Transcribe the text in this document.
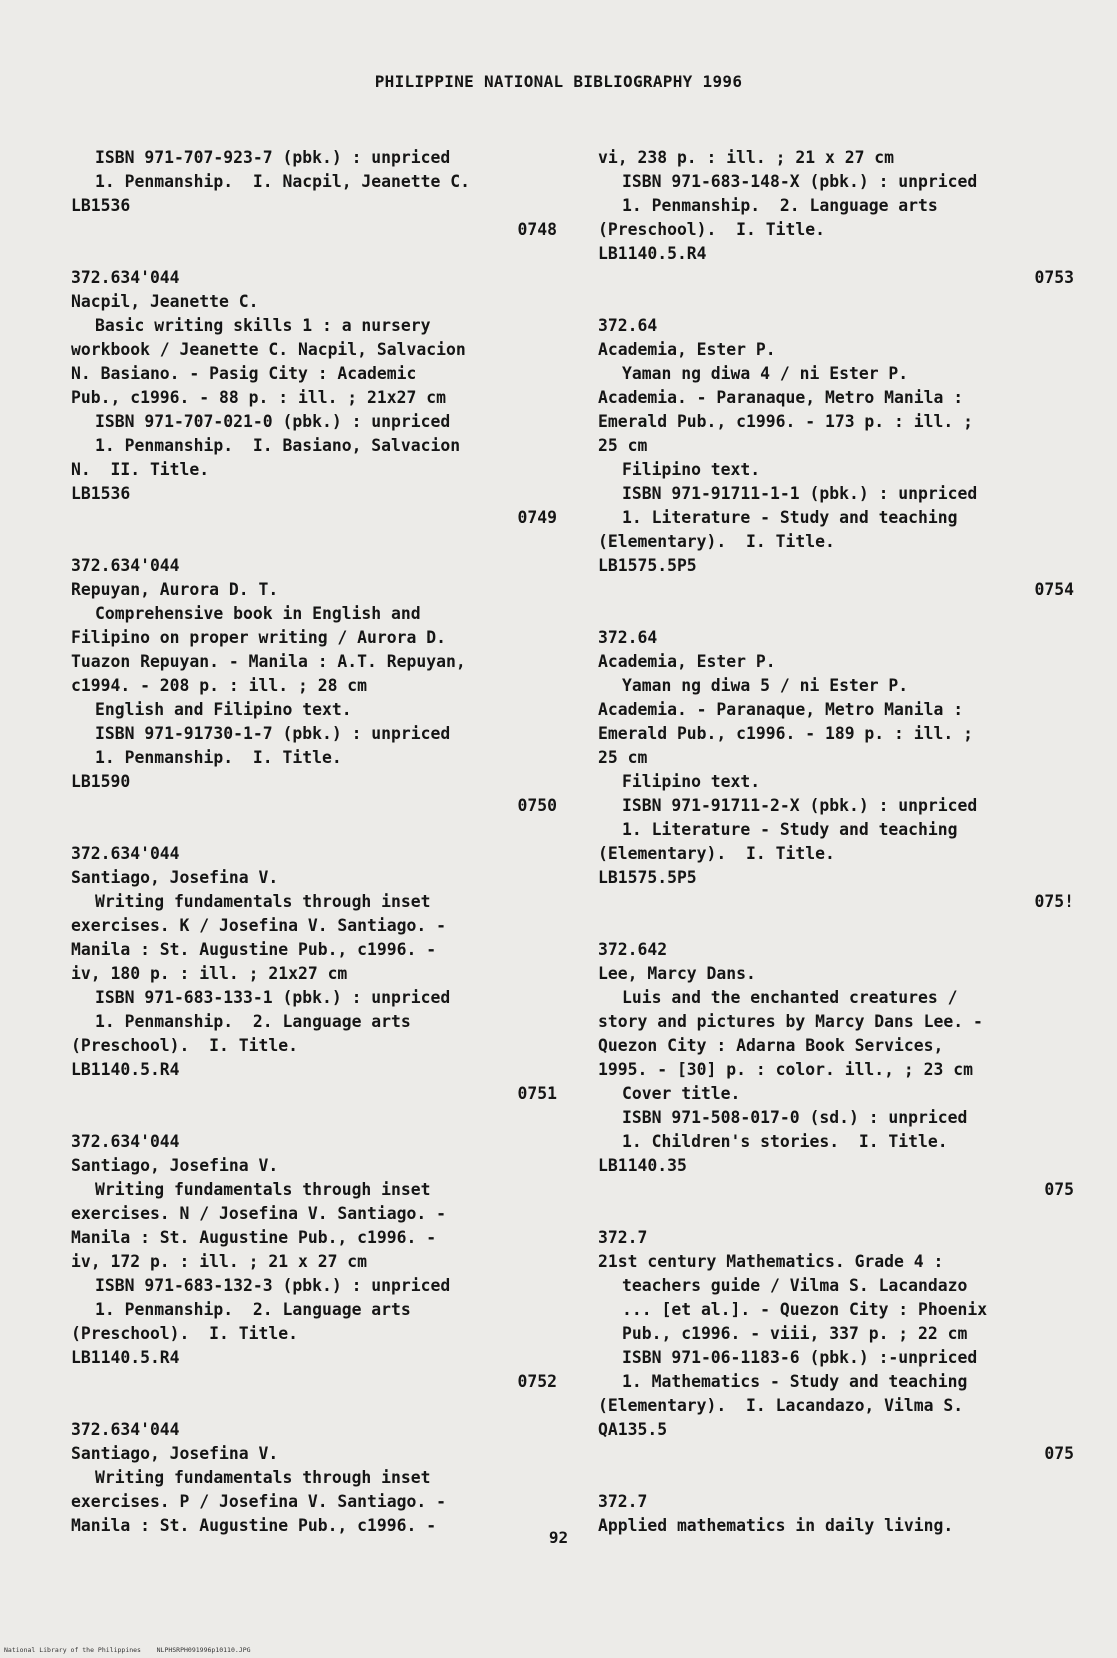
PHILIPPINE NATIONAL BIBLIOGRAPHY 1996
ISBN 971-707-923-7 (pbk.) : unpriced
1. Penmanship.  I. Nacpil, Jeanette C.
LB1536
0748
372.634'044
Nacpil, Jeanette C.
Basic writing skills 1 : a nursery
workbook / Jeanette C. Nacpil, Salvacion
N. Basiano. - Pasig City : Academic
Pub., c1996. - 88 p. : ill. ; 21x27 cm
ISBN 971-707-021-0 (pbk.) : unpriced
1. Penmanship.  I. Basiano, Salvacion
N.  II. Title.
LB1536
0749
372.634'044
Repuyan, Aurora D. T.
Comprehensive book in English and
Filipino on proper writing / Aurora D.
Tuazon Repuyan. - Manila : A.T. Repuyan,
c1994. - 208 p. : ill. ; 28 cm
English and Filipino text.
ISBN 971-91730-1-7 (pbk.) : unpriced
1. Penmanship.  I. Title.
LB1590
0750
372.634'044
Santiago, Josefina V.
Writing fundamentals through inset
exercises. K / Josefina V. Santiago. -
Manila : St. Augustine Pub., c1996. -
iv, 180 p. : ill. ; 21x27 cm
ISBN 971-683-133-1 (pbk.) : unpriced
1. Penmanship.  2. Language arts
(Preschool).  I. Title.
LB1140.5.R4
0751
372.634'044
Santiago, Josefina V.
Writing fundamentals through inset
exercises. N / Josefina V. Santiago. -
Manila : St. Augustine Pub., c1996. -
iv, 172 p. : ill. ; 21 x 27 cm
ISBN 971-683-132-3 (pbk.) : unpriced
1. Penmanship.  2. Language arts
(Preschool).  I. Title.
LB1140.5.R4
0752
372.634'044
Santiago, Josefina V.
Writing fundamentals through inset
exercises. P / Josefina V. Santiago. -
Manila : St. Augustine Pub., c1996. -
vi, 238 p. : ill. ; 21 x 27 cm
ISBN 971-683-148-X (pbk.) : unpriced
1. Penmanship.  2. Language arts
(Preschool).  I. Title.
LB1140.5.R4
0753
372.64
Academia, Ester P.
Yaman ng diwa 4 / ni Ester P.
Academia. - Paranaque, Metro Manila :
Emerald Pub., c1996. - 173 p. : ill. ;
25 cm
Filipino text.
ISBN 971-91711-1-1 (pbk.) : unpriced
1. Literature - Study and teaching
(Elementary).  I. Title.
LB1575.5P5
0754
372.64
Academia, Ester P.
Yaman ng diwa 5 / ni Ester P.
Academia. - Paranaque, Metro Manila :
Emerald Pub., c1996. - 189 p. : ill. ;
25 cm
Filipino text.
ISBN 971-91711-2-X (pbk.) : unpriced
1. Literature - Study and teaching
(Elementary).  I. Title.
LB1575.5P5
075!
372.642
Lee, Marcy Dans.
Luis and the enchanted creatures /
story and pictures by Marcy Dans Lee. -
Quezon City : Adarna Book Services,
1995. - [30] p. : color. ill., ; 23 cm
Cover title.
ISBN 971-508-017-0 (sd.) : unpriced
1. Children's stories.  I. Title.
LB1140.35
075
372.7
21st century Mathematics. Grade 4 :
teachers guide / Vilma S. Lacandazo
... [et al.]. - Quezon City : Phoenix
Pub., c1996. - viii, 337 p. ; 22 cm
ISBN 971-06-1183-6 (pbk.) :-unpriced
1. Mathematics - Study and teaching
(Elementary).  I. Lacandazo, Vilma S.
QA135.5
075
372.7
Applied mathematics in daily living.
92
National Library of the Philippines    NLPHSRPH091996p10110.JPG
